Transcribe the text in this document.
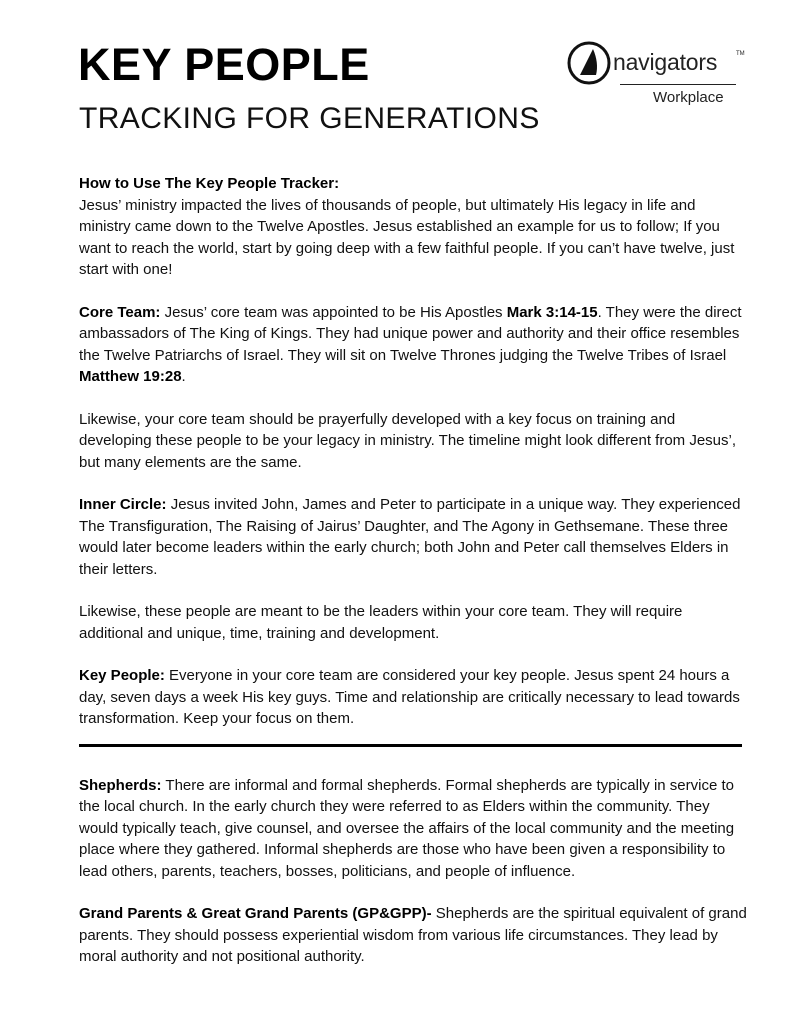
KEY PEOPLE
TRACKING FOR GENERATIONS
navigators	TM
Workplace

How to Use The Key People Tracker:
Jesus’ ministry impacted the lives of thousands of people, but ultimately His legacy in life and ministry came down to the Twelve Apostles. Jesus established an example for us to follow; If you want to reach the world, start by going deep with a few faithful people. If you can’t have twelve, just start with one!

Core Team: Jesus’ core team was appointed to be His Apostles Mark 3:14-15. They were the direct ambassadors of The King of Kings. They had unique power and authority and their office resembles the Twelve Patriarchs of Israel. They will sit on Twelve Thrones judging the Twelve Tribes of Israel Matthew 19:28.

Likewise, your core team should be prayerfully developed with a key focus on training and developing these people to be your legacy in ministry. The timeline might look different from Jesus’, but many elements are the same.

Inner Circle: Jesus invited John, James and Peter to participate in a unique way. They experienced The Transfiguration, The Raising of Jairus’ Daughter, and The Agony in Gethsemane. These three would later become leaders within the early church; both John and Peter call themselves Elders in their letters.

Likewise, these people are meant to be the leaders within your core team. They will require additional and unique, time, training and development.

Key People: Everyone in your core team are considered your key people. Jesus spent 24 hours a day, seven days a week His key guys. Time and relationship are critically necessary to lead towards transformation. Keep your focus on them.

Shepherds: There are informal and formal shepherds. Formal shepherds are typically in service to the local church. In the early church they were referred to as Elders within the community. They would typically teach, give counsel, and oversee the affairs of the local community and the meeting place where they gathered. Informal shepherds are those who have been given a responsibility to lead others, parents, teachers, bosses, politicians, and people of influence.

Grand Parents & Great Grand Parents (GP&GPP)- Shepherds are the spiritual equivalent of grand parents. They should possess experiential wisdom from various life circumstances. They lead by moral authority and not positional authority.
